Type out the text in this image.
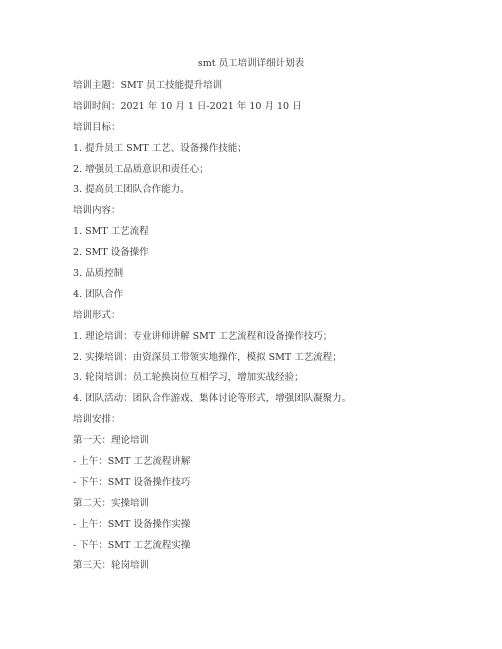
smt 员工培训详细计划表
培训主题：SMT 员工技能提升培训
培训时间：2021 年 10 月 1 日-2021 年 10 月 10 日
培训目标：
1. 提升员工 SMT 工艺、设备操作技能；
2. 增强员工品质意识和责任心；
3. 提高员工团队合作能力。
培训内容：
1. SMT 工艺流程
2. SMT 设备操作
3. 品质控制
4. 团队合作
培训形式：
1. 理论培训：专业讲师讲解 SMT 工艺流程和设备操作技巧；
2. 实操培训：由资深员工带领实地操作，模拟 SMT 工艺流程；
3. 轮岗培训：员工轮换岗位互相学习，增加实战经验；
4. 团队活动：团队合作游戏、集体讨论等形式，增强团队凝聚力。
培训安排：
第一天：理论培训
- 上午：SMT 工艺流程讲解
- 下午：SMT 设备操作技巧
第二天：实操培训
- 上午：SMT 设备操作实操
- 下午：SMT 工艺流程实操
第三天：轮岗培训
